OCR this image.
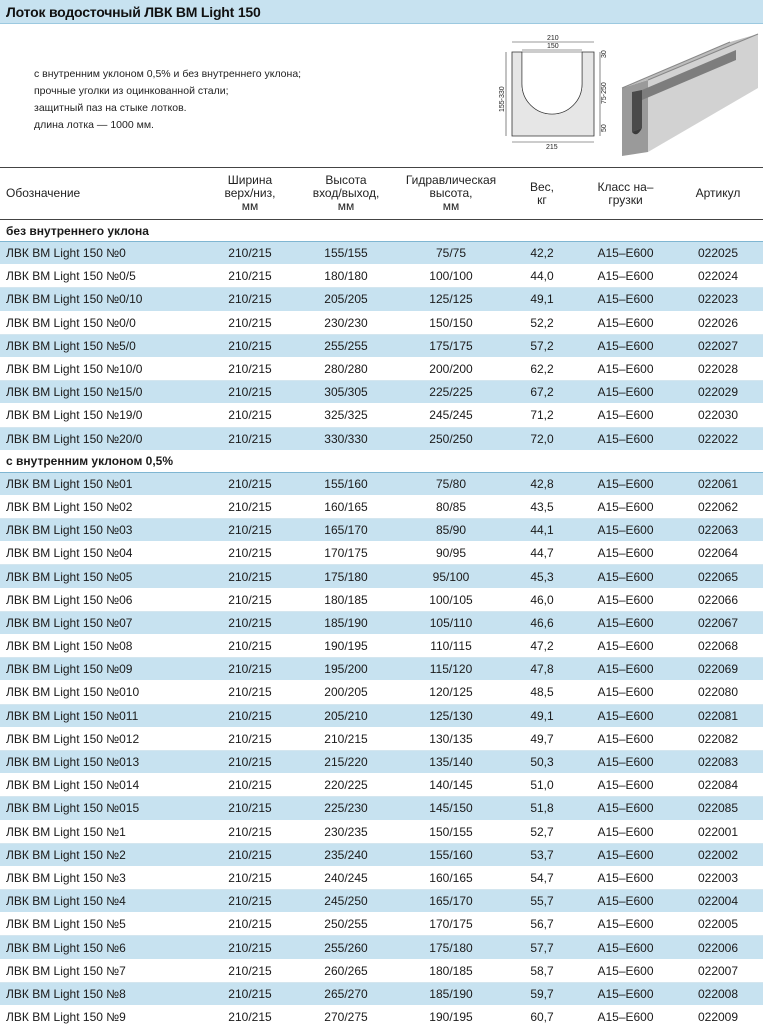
Лоток водосточный ЛВК ВМ Light 150

с внутренним уклоном 0,5% и без внутреннего уклона;

прочные уголки из оцинкованной стали;

защитный паз на стыке лотков.

длина лотка — 1000 мм.

210
150
215
155-330
30
75-250
50
Обозначение	Ширина
верх/низ,
мм	Высота
вход/выход,
мм	Гидравлическая
высота,
мм	Вес,
кг	Класс на–
грузки	Артикул
без внутреннего уклона						
ЛВК ВМ Light 150 №0	210/215	155/155	75/75	42,2	A15–E600	022025
ЛВК ВМ Light 150 №0/5	210/215	180/180	100/100	44,0	A15–E600	022024
ЛВК ВМ Light 150 №0/10	210/215	205/205	125/125	49,1	A15–E600	022023
ЛВК ВМ Light 150 №0/0	210/215	230/230	150/150	52,2	A15–E600	022026
ЛВК ВМ Light 150 №5/0	210/215	255/255	175/175	57,2	A15–E600	022027
ЛВК ВМ Light 150 №10/0	210/215	280/280	200/200	62,2	A15–E600	022028
ЛВК ВМ Light 150 №15/0	210/215	305/305	225/225	67,2	A15–E600	022029
ЛВК ВМ Light 150 №19/0	210/215	325/325	245/245	71,2	A15–E600	022030
ЛВК ВМ Light 150 №20/0	210/215	330/330	250/250	72,0	A15–E600	022022
с внутренним уклоном 0,5%						
ЛВК ВМ Light 150 №01	210/215	155/160	75/80	42,8	A15–E600	022061
ЛВК ВМ Light 150 №02	210/215	160/165	80/85	43,5	A15–E600	022062
ЛВК ВМ Light 150 №03	210/215	165/170	85/90	44,1	A15–E600	022063
ЛВК ВМ Light 150 №04	210/215	170/175	90/95	44,7	A15–E600	022064
ЛВК ВМ Light 150 №05	210/215	175/180	95/100	45,3	A15–E600	022065
ЛВК ВМ Light 150 №06	210/215	180/185	100/105	46,0	A15–E600	022066
ЛВК ВМ Light 150 №07	210/215	185/190	105/110	46,6	A15–E600	022067
ЛВК ВМ Light 150 №08	210/215	190/195	110/115	47,2	A15–E600	022068
ЛВК ВМ Light 150 №09	210/215	195/200	115/120	47,8	A15–E600	022069
ЛВК ВМ Light 150 №010	210/215	200/205	120/125	48,5	A15–E600	022080
ЛВК ВМ Light 150 №011	210/215	205/210	125/130	49,1	A15–E600	022081
ЛВК ВМ Light 150 №012	210/215	210/215	130/135	49,7	A15–E600	022082
ЛВК ВМ Light 150 №013	210/215	215/220	135/140	50,3	A15–E600	022083
ЛВК ВМ Light 150 №014	210/215	220/225	140/145	51,0	A15–E600	022084
ЛВК ВМ Light 150 №015	210/215	225/230	145/150	51,8	A15–E600	022085
ЛВК ВМ Light 150 №1	210/215	230/235	150/155	52,7	A15–E600	022001
ЛВК ВМ Light 150 №2	210/215	235/240	155/160	53,7	A15–E600	022002
ЛВК ВМ Light 150 №3	210/215	240/245	160/165	54,7	A15–E600	022003
ЛВК ВМ Light 150 №4	210/215	245/250	165/170	55,7	A15–E600	022004
ЛВК ВМ Light 150 №5	210/215	250/255	170/175	56,7	A15–E600	022005
ЛВК ВМ Light 150 №6	210/215	255/260	175/180	57,7	A15–E600	022006
ЛВК ВМ Light 150 №7	210/215	260/265	180/185	58,7	A15–E600	022007
ЛВК ВМ Light 150 №8	210/215	265/270	185/190	59,7	A15–E600	022008
ЛВК ВМ Light 150 №9	210/215	270/275	190/195	60,7	A15–E600	022009
